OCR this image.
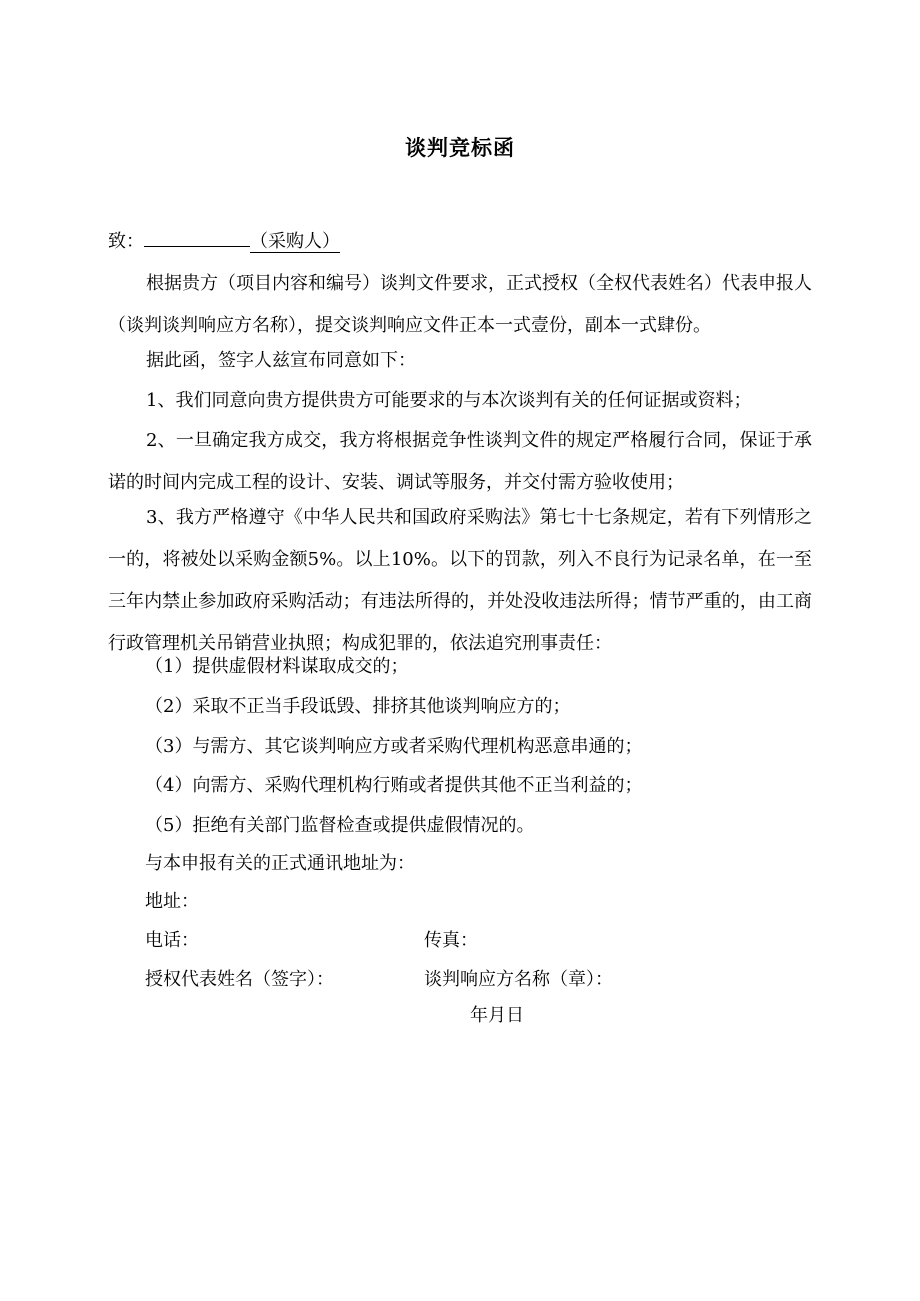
谈判竞标函
致：	（采购人）
根据贵方（项目内容和编号）谈判文件要求，正式授权（全权代表姓名）代表申报人（谈判谈判响应方名称），提交谈判响应文件正本一式壹份，副本一式肆份。
据此函，签字人兹宣布同意如下：
1、我们同意向贵方提供贵方可能要求的与本次谈判有关的任何证据或资料；
2、一旦确定我方成交，我方将根据竞争性谈判文件的规定严格履行合同，保证于承诺的时间内完成工程的设计、安装、调试等服务，并交付需方验收使用；
3、我方严格遵守《中华人民共和国政府采购法》第七十七条规定，若有下列情形之一的，将被处以采购金额5%。以上10%。以下的罚款，列入不良行为记录名单，在一至三年内禁止参加政府采购活动；有违法所得的，并处没收违法所得；情节严重的，由工商行政管理机关吊销营业执照；构成犯罪的，依法追究刑事责任：
（1）提供虚假材料谋取成交的；
（2）采取不正当手段诋毁、排挤其他谈判响应方的；
（3）与需方、其它谈判响应方或者采购代理机构恶意串通的；
（4）向需方、采购代理机构行贿或者提供其他不正当利益的；
（5）拒绝有关部门监督检查或提供虚假情况的。
与本申报有关的正式通讯地址为：
地址：
电话：	传真：
授权代表姓名（签字）：	谈判响应方名称（章）：
年月日
